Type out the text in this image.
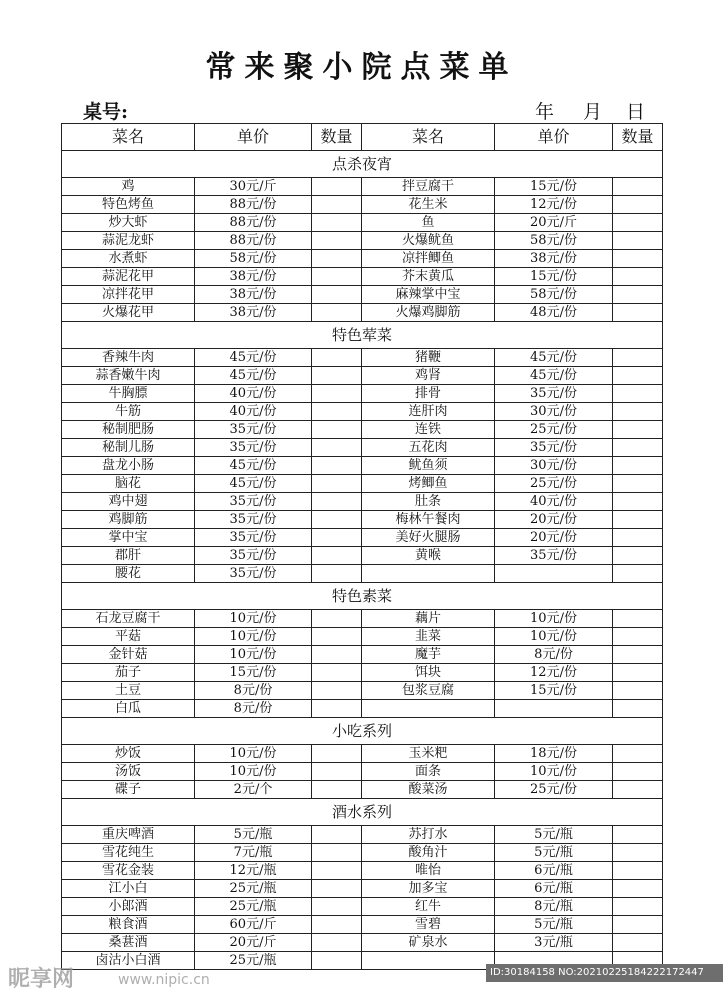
常来聚小院点菜单
桌号:	年 月 日
菜名	单价	数量	菜名	单价	数量
点杀夜宵					
鸡	30元/斤		拌豆腐干	15元/份	
特色烤鱼	88元/份		花生米	12元/份	
炒大虾	88元/份		鱼	20元/斤	
蒜泥龙虾	88元/份		火爆鱿鱼	58元/份	
水煮虾	58元/份		凉拌鲫鱼	38元/份	
蒜泥花甲	38元/份		芥末黄瓜	15元/份	
凉拌花甲	38元/份		麻辣掌中宝	58元/份	
火爆花甲	38元/份		火爆鸡脚筋	48元/份	
特色荤菜					
香辣牛肉	45元/份		猪鞭	45元/份	
蒜香嫩牛肉	45元/份		鸡肾	45元/份	
牛胸膘	40元/份		排骨	35元/份	
牛筋	40元/份		连肝肉	30元/份	
秘制肥肠	35元/份		连铁	25元/份	
秘制儿肠	35元/份		五花肉	35元/份	
盘龙小肠	45元/份		鱿鱼须	30元/份	
脑花	45元/份		烤鲫鱼	25元/份	
鸡中翅	35元/份		肚条	40元/份	
鸡脚筋	35元/份		梅林午餐肉	20元/份	
掌中宝	35元/份		美好火腿肠	20元/份	
郡肝	35元/份		黄喉	35元/份	
腰花	35元/份				
特色素菜					
石龙豆腐干	10元/份		藕片	10元/份	
平菇	10元/份		韭菜	10元/份	
金针菇	10元/份		魔芋	8元/份	
茄子	15元/份		饵块	12元/份	
土豆	8元/份		包浆豆腐	15元/份	
白瓜	8元/份				
小吃系列					
炒饭	10元/份		玉米粑	18元/份	
汤饭	10元/份		面条	10元/份	
碟子	2元/个		酸菜汤	25元/份	
酒水系列					
重庆啤酒	5元/瓶		苏打水	5元/瓶	
雪花纯生	7元/瓶		酸角汁	5元/瓶	
雪花金装	12元/瓶		唯怡	6元/瓶	
江小白	25元/瓶		加多宝	6元/瓶	
小郎酒	25元/瓶		红牛	8元/瓶	
粮食酒	60元/斤		雪碧	5元/瓶	
桑葚酒	20元/斤		矿泉水	3元/瓶	
卤沽小白酒	25元/瓶				
昵享网	www.nipic.cn	ID:30184158 NO:20210225184222172447
